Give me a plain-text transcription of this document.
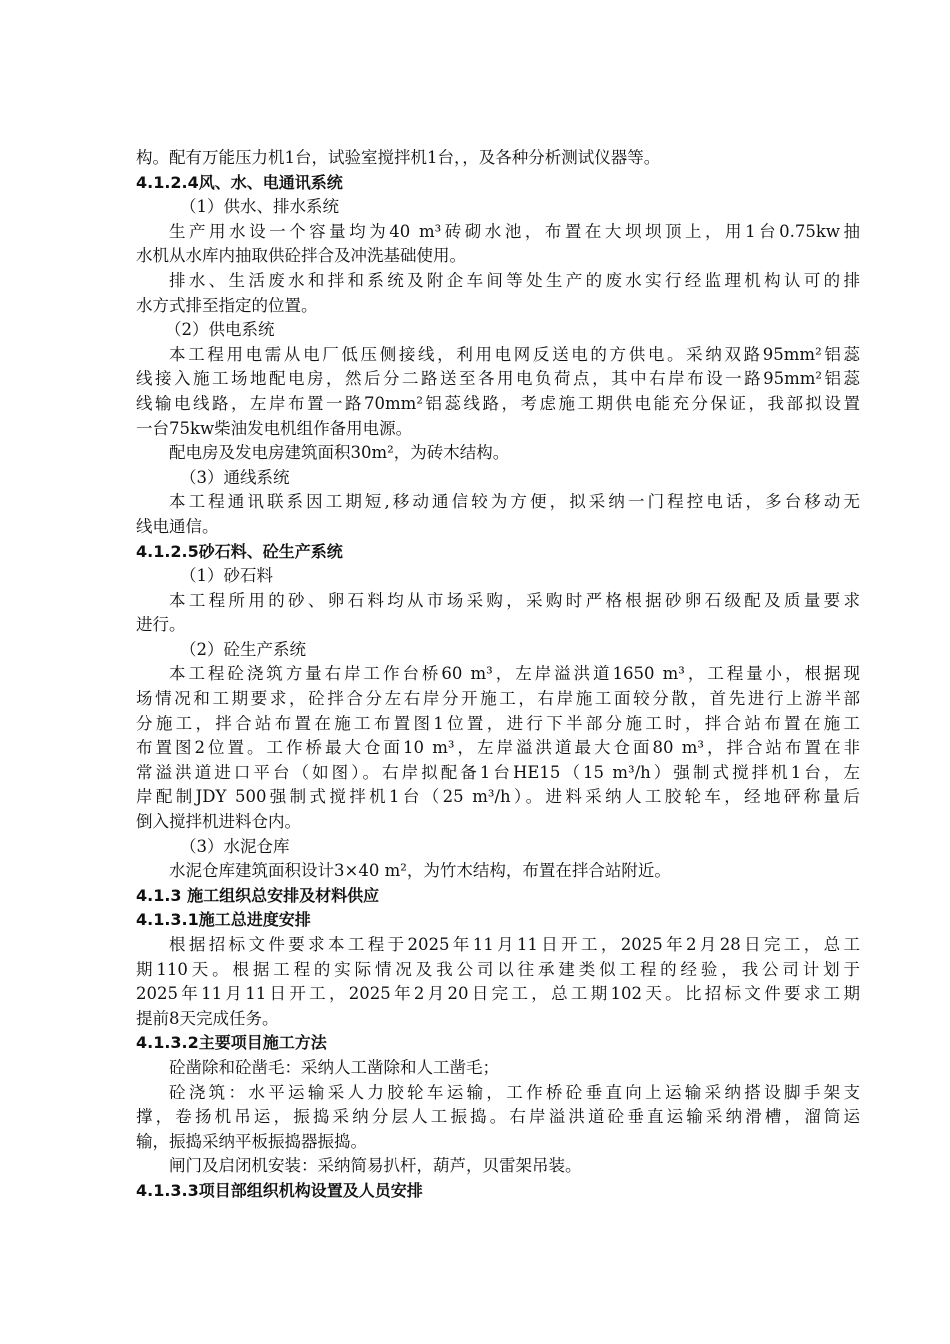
构。配有万能压力机1台，试验室搅拌机1台，，及各种分析测试仪器等。
4.1.2.4风、水、电通讯系统
（1）供水、排水系统
生产用水设一个容量均为40 m³砖砌水池，布置在大坝坝顶上，用1台0.75kw抽
水机从水库内抽取供砼拌合及冲洗基础使用。
排水、生活废水和拌和系统及附企车间等处生产的废水实行经监理机构认可的排
水方式排至指定的位置。
（2）供电系统
本工程用电需从电厂低压侧接线，利用电网反送电的方供电。采纳双路95mm²铝蕊
线接入施工场地配电房，然后分二路送至各用电负荷点，其中右岸布设一路95mm²铝蕊
线输电线路，左岸布置一路70mm²铝蕊线路，考虑施工期供电能充分保证，我部拟设置
一台75kw柴油发电机组作备用电源。
配电房及发电房建筑面积30m²，为砖木结构。
（3）通线系统
本工程通讯联系因工期短,移动通信较为方便，拟采纳一门程控电话，多台移动无
线电通信。
4.1.2.5砂石料、砼生产系统
（1）砂石料
本工程所用的砂、卵石料均从市场采购，采购时严格根据砂卵石级配及质量要求
进行。
（2）砼生产系统
本工程砼浇筑方量右岸工作台桥60 m³，左岸溢洪道1650 m³，工程量小，根据现
场情况和工期要求，砼拌合分左右岸分开施工，右岸施工面较分散，首先进行上游半部
分施工，拌合站布置在施工布置图1位置，进行下半部分施工时，拌合站布置在施工
布置图2位置。工作桥最大仓面10 m³，左岸溢洪道最大仓面80 m³，拌合站布置在非
常溢洪道进口平台（如图）。右岸拟配备1台HE15（15 m³/h）强制式搅拌机1台，左
岸配制JDY 500强制式搅拌机1台（25 m³/h）。进料采纳人工胶轮车，经地砰称量后
倒入搅拌机进料仓内。
（3）水泥仓库
水泥仓库建筑面积设计3×40 m²，为竹木结构，布置在拌合站附近。
4.1.3 施工组织总安排及材料供应
4.1.3.1施工总进度安排
根据招标文件要求本工程于2025年11月11日开工，2025年2月28日完工，总工
期110天。根据工程的实际情况及我公司以往承建类似工程的经验，我公司计划于
2025年11月11日开工，2025年2月20日完工，总工期102天。比招标文件要求工期
提前8天完成任务。
4.1.3.2主要项目施工方法
砼凿除和砼凿毛：采纳人工凿除和人工凿毛；
砼浇筑：水平运输采人力胶轮车运输，工作桥砼垂直向上运输采纳搭设脚手架支
撑，卷扬机吊运，振捣采纳分层人工振捣。右岸溢洪道砼垂直运输采纳滑槽，溜筒运
输，振捣采纳平板振捣器振捣。
闸门及启闭机安装：采纳简易扒杆，葫芦，贝雷架吊装。
4.1.3.3项目部组织机构设置及人员安排
